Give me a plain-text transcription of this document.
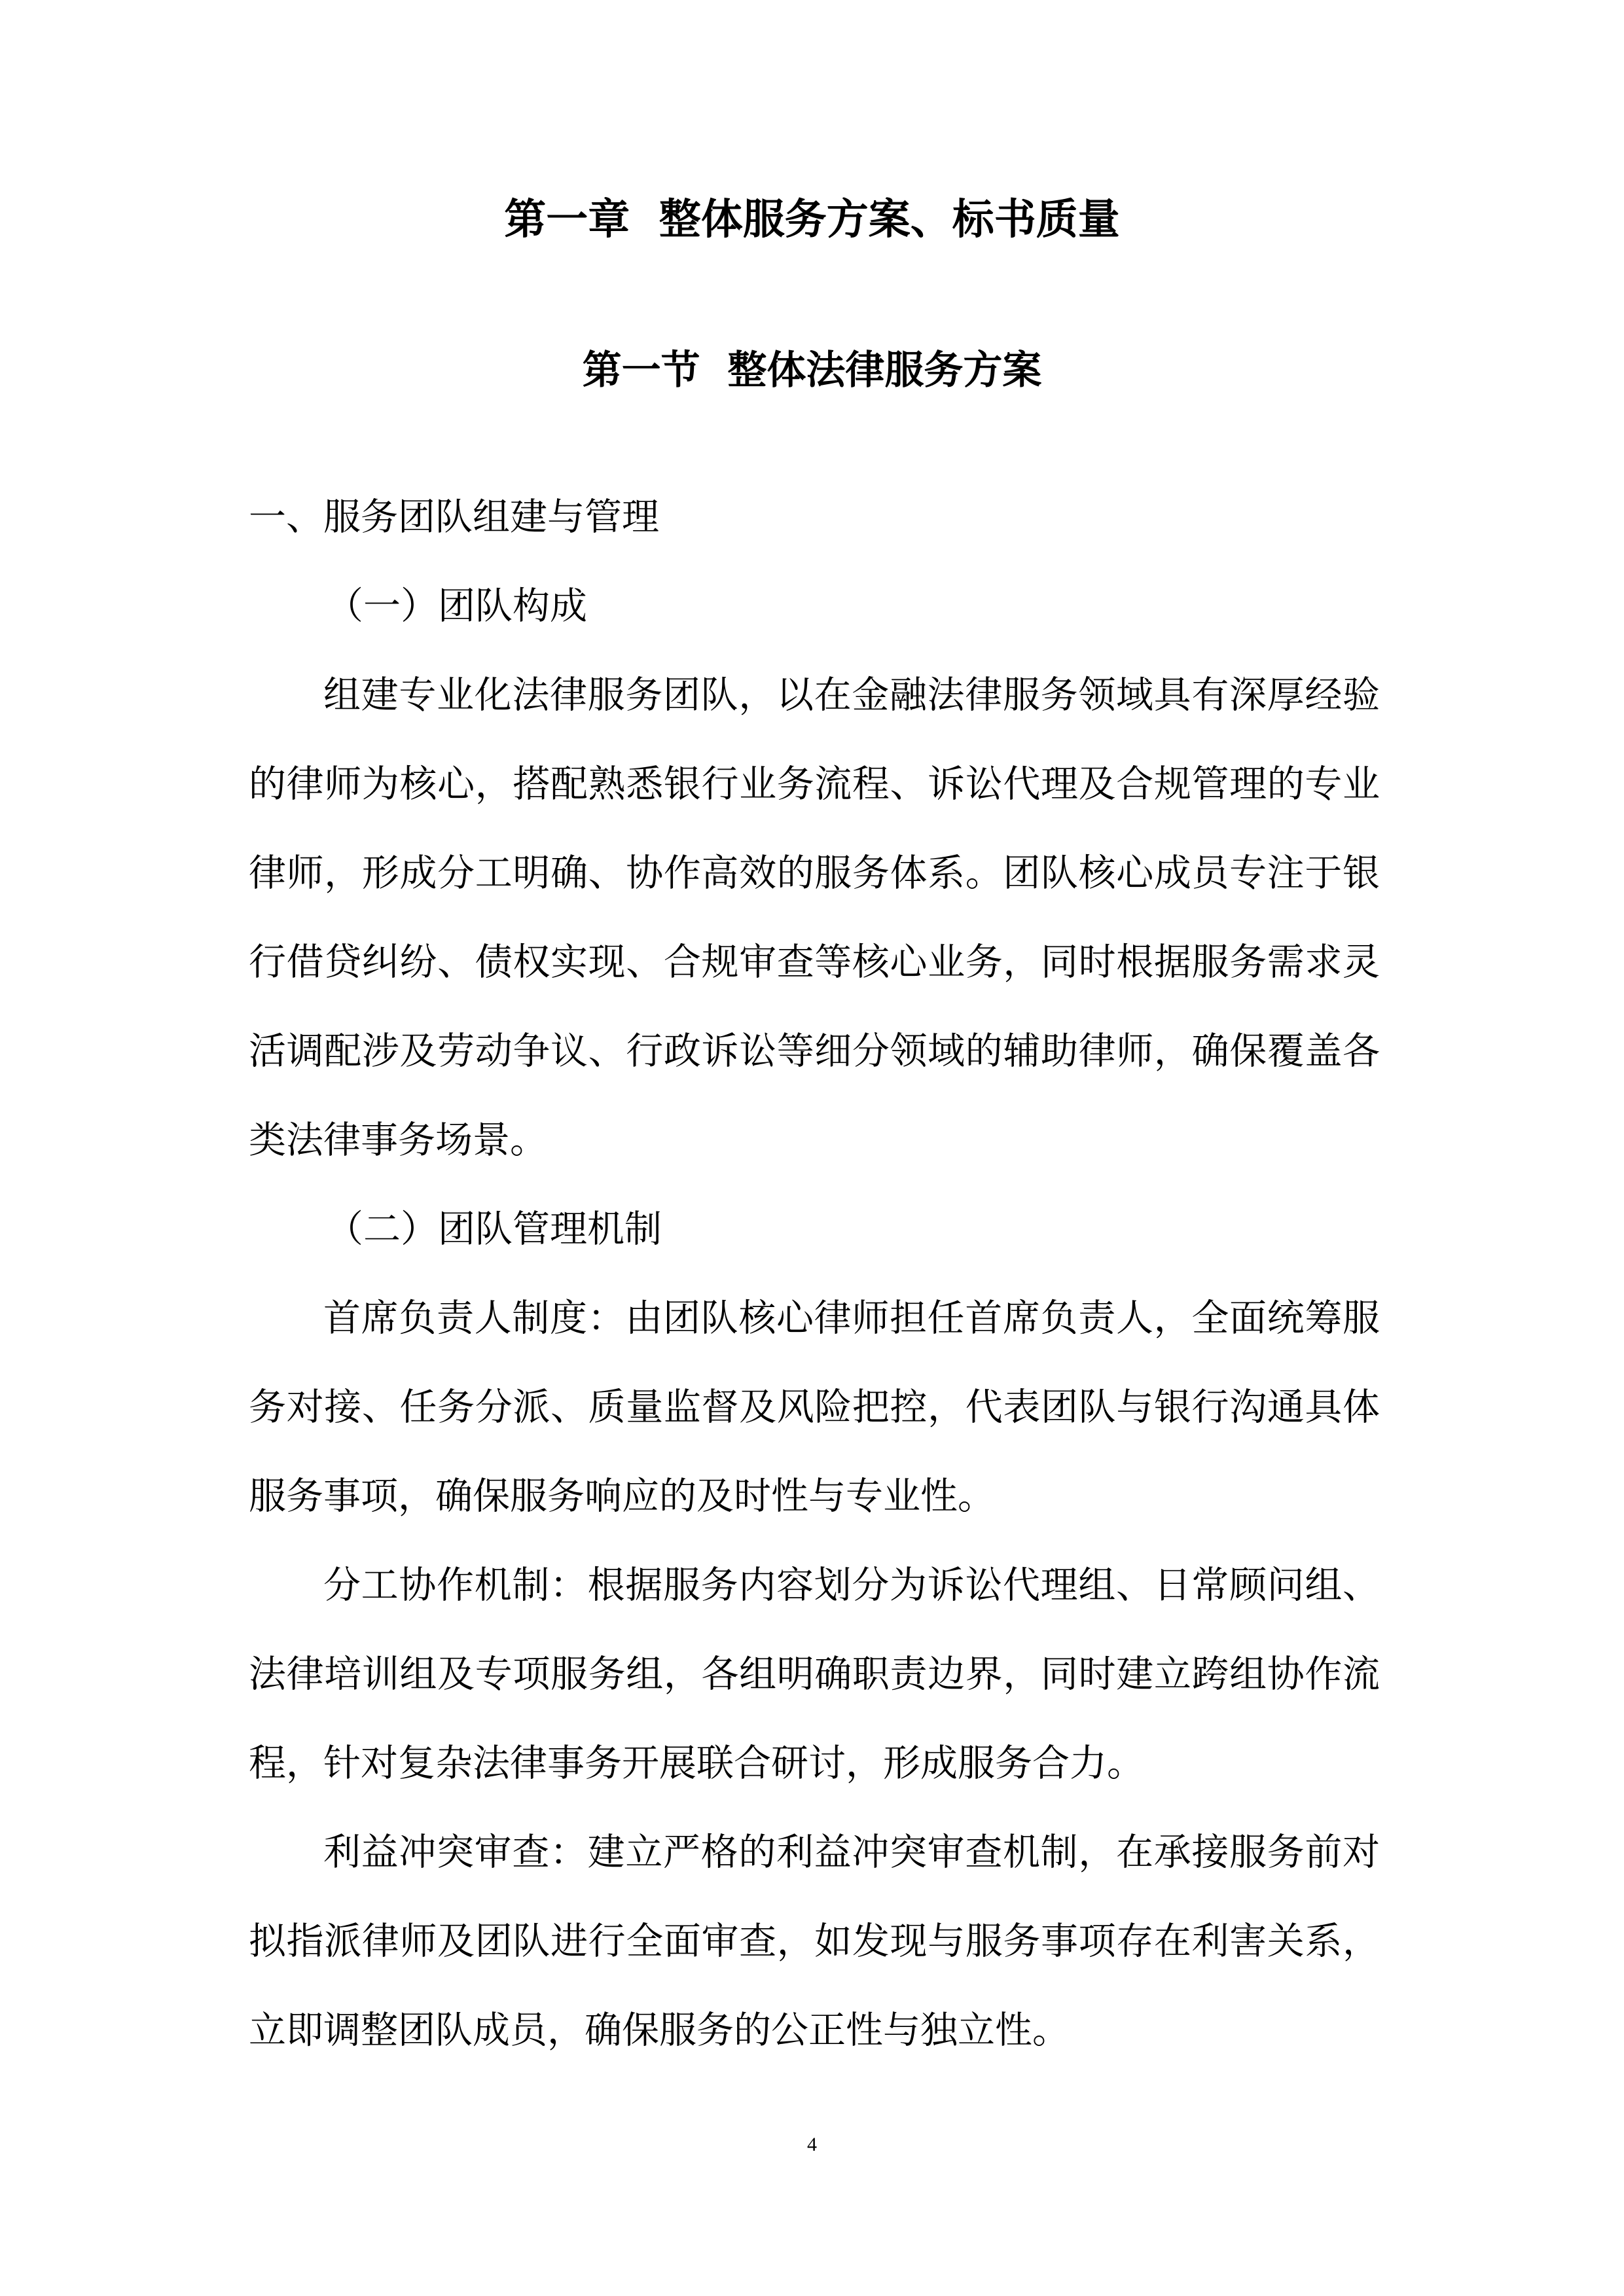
第一章  整体服务方案、标书质量
第一节  整体法律服务方案
一、服务团队组建与管理
（一）团队构成
组建专业化法律服务团队，以在金融法律服务领域具有深厚经验
的律师为核心，搭配熟悉银行业务流程、诉讼代理及合规管理的专业
律师，形成分工明确、协作高效的服务体系。团队核心成员专注于银
行借贷纠纷、债权实现、合规审查等核心业务，同时根据服务需求灵
活调配涉及劳动争议、行政诉讼等细分领域的辅助律师，确保覆盖各
类法律事务场景。
（二）团队管理机制
首席负责人制度：由团队核心律师担任首席负责人，全面统筹服
务对接、任务分派、质量监督及风险把控，代表团队与银行沟通具体
服务事项，确保服务响应的及时性与专业性。
分工协作机制：根据服务内容划分为诉讼代理组、日常顾问组、
法律培训组及专项服务组，各组明确职责边界，同时建立跨组协作流
程，针对复杂法律事务开展联合研讨，形成服务合力。
利益冲突审查：建立严格的利益冲突审查机制，在承接服务前对
拟指派律师及团队进行全面审查，如发现与服务事项存在利害关系，
立即调整团队成员，确保服务的公正性与独立性。
4
